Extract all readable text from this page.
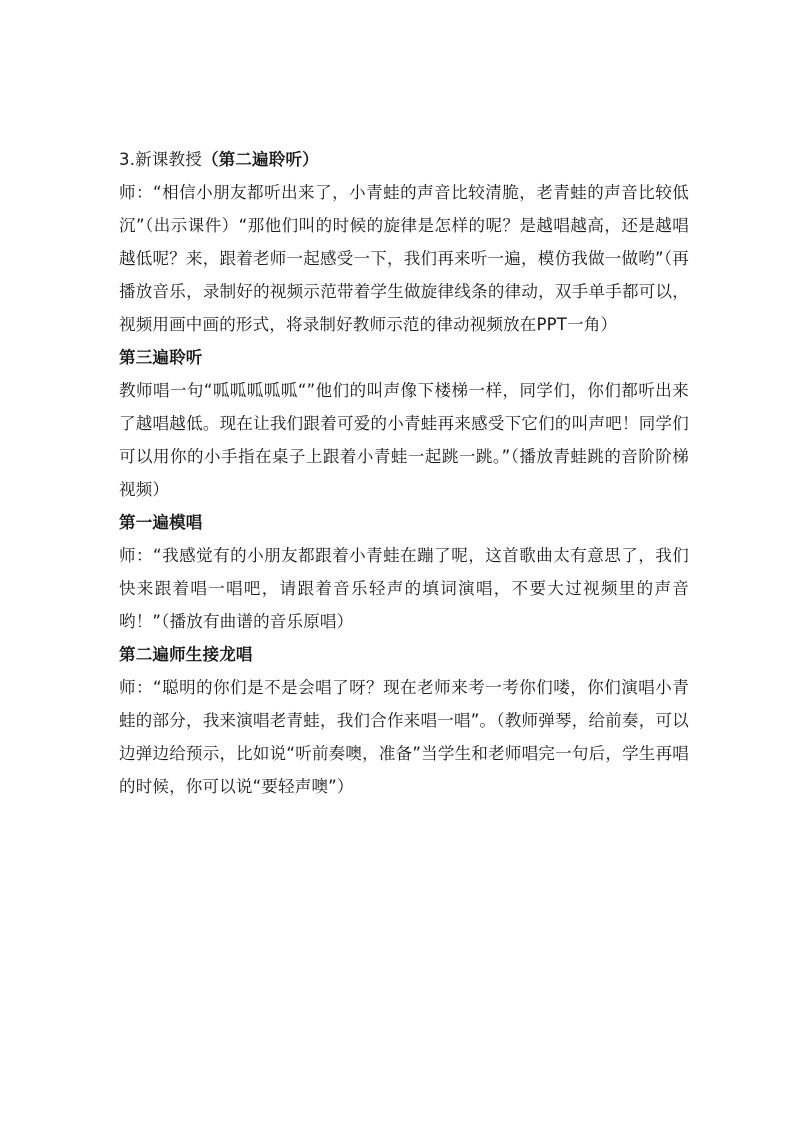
3.新课教授（第二遍聆听）

师：“相信小朋友都听出来了，小青蛙的声音比较清脆，老青蛙的声音比较低沉”（出示课件）“那他们叫的时候的旋律是怎样的呢？是越唱越高，还是越唱越低呢？来，跟着老师一起感受一下，我们再来听一遍，模仿我做一做哟”（再播放音乐，录制好的视频示范带着学生做旋律线条的律动，双手单手都可以，视频用画中画的形式，将录制好教师示范的律动视频放在PPT一角）

第三遍聆听

教师唱一句“呱呱呱呱呱“”他们的叫声像下楼梯一样，同学们，你们都听出来了越唱越低。现在让我们跟着可爱的小青蛙再来感受下它们的叫声吧！同学们可以用你的小手指在桌子上跟着小青蛙一起跳一跳。”（播放青蛙跳的音阶阶梯视频）

第一遍模唱

师：“我感觉有的小朋友都跟着小青蛙在蹦了呢，这首歌曲太有意思了，我们快来跟着唱一唱吧，请跟着音乐轻声的填词演唱，不要大过视频里的声音哟！”（播放有曲谱的音乐原唱）

第二遍师生接龙唱

师：“聪明的你们是不是会唱了呀？现在老师来考一考你们喽，你们演唱小青蛙的部分，我来演唱老青蛙，我们合作来唱一唱”。（教师弹琴，给前奏，可以边弹边给预示，比如说“听前奏噢，准备”当学生和老师唱完一句后，学生再唱的时候，你可以说“要轻声噢”）
